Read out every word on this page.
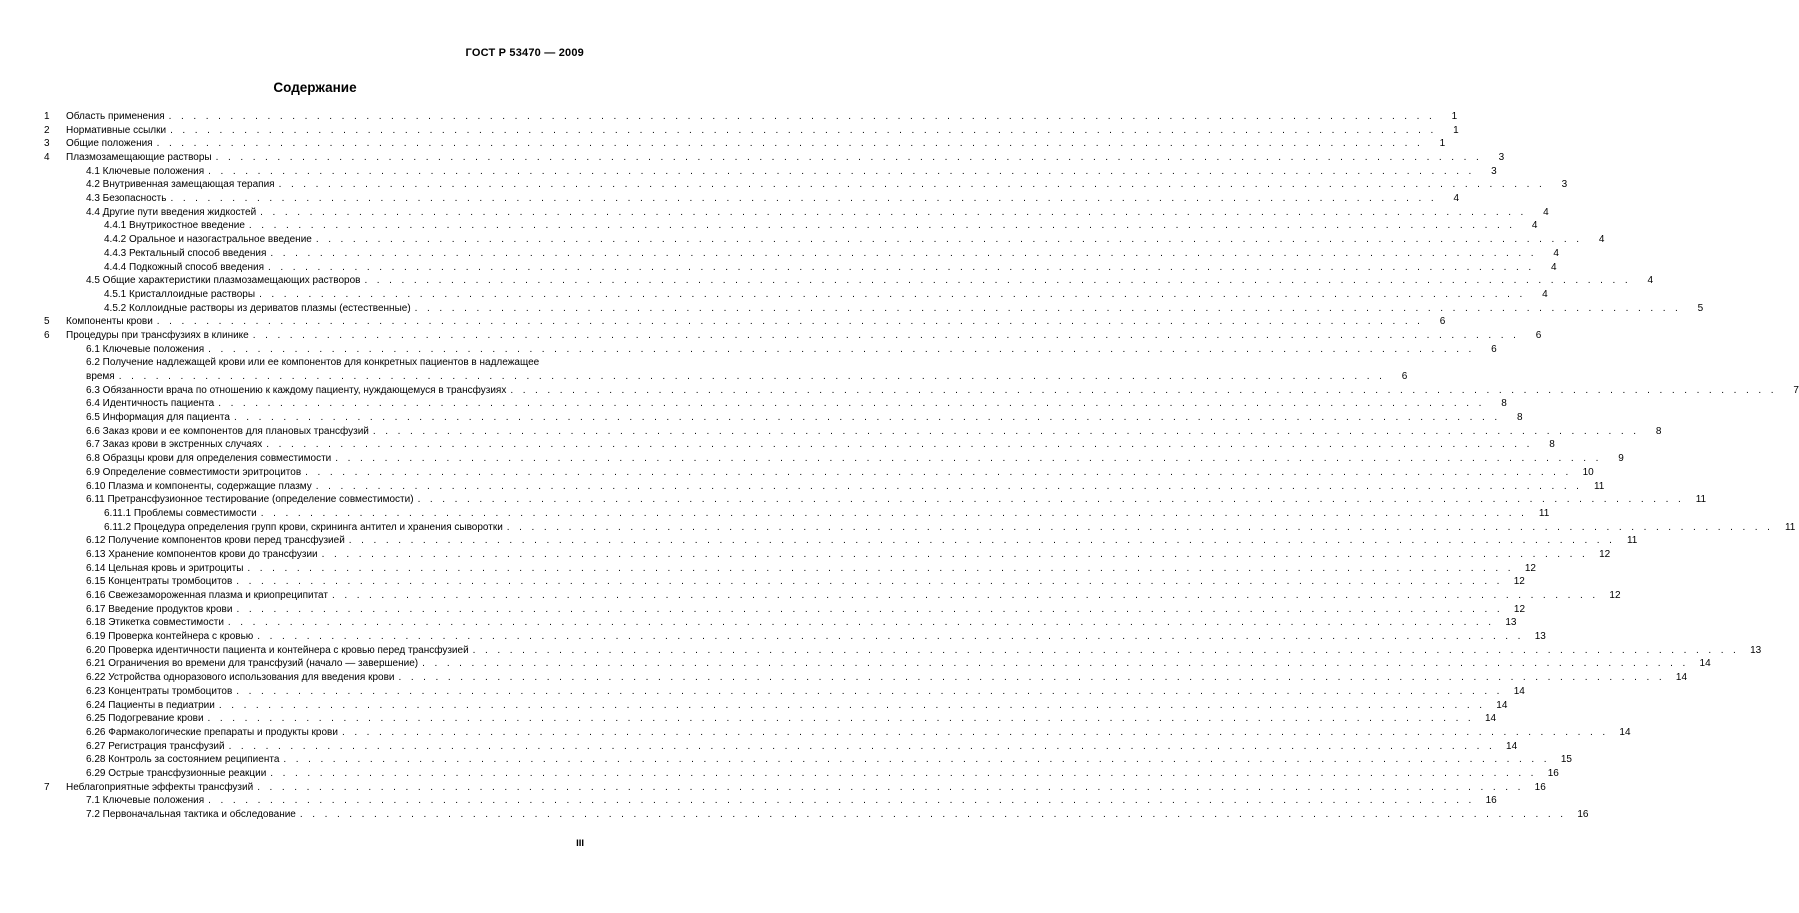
ГОСТ Р 53470 — 2009
Содержание
1	Область применения . . .	1
2	Нормативные ссылки . . .	1
3	Общие положения . . .	1
4	Плазмозамещающие растворы . . .	3
4.1 Ключевые положения . . .	3
4.2 Внутривенная замещающая терапия . . .	3
4.3 Безопасность . . .	4
4.4 Другие пути введения жидкостей . . .	4
4.4.1 Внутрикостное введение . . .	4
4.4.2 Оральное и назогастральное введение . . .	4
4.4.3 Ректальный способ введения . . .	4
4.4.4 Подкожный способ введения . . .	4
4.5 Общие характеристики плазмозамещающих растворов . . .	4
4.5.1 Кристаллоидные растворы . . .	4
4.5.2 Коллоидные растворы из дериватов плазмы (естественные) . . .	5
5	Компоненты крови . . .	6
6	Процедуры при трансфузиях в клинике . . .	6
6.1 Ключевые положения . . .	6
6.2 Получение надлежащей крови или ее компонентов для конкретных пациентов в надлежащее
время . . .	6
6.3 Обязанности врача по отношению к каждому пациенту, нуждающемуся в трансфузиях . . .	7
6.4 Идентичность пациента . . .	8
6.5 Информация для пациента . . .	8
6.6 Заказ крови и ее компонентов для плановых трансфузий . . .	8
6.7 Заказ крови в экстренных случаях . . .	8
6.8 Образцы крови для определения совместимости . . .	9
6.9 Определение совместимости эритроцитов . . .	10
6.10 Плазма и компоненты, содержащие плазму . . .	11
6.11 Претрансфузионное тестирование (определение совместимости) . . .	11
6.11.1 Проблемы совместимости . . .	11
6.11.2 Процедура определения групп крови, скрининга антител и хранения сыворотки . . .	11
6.12 Получение компонентов крови перед трансфузией . . .	11
6.13 Хранение компонентов крови до трансфузии . . .	12
6.14 Цельная кровь и эритроциты . . .	12
6.15 Концентраты тромбоцитов . . .	12
6.16 Свежезамороженная плазма и криопреципитат . . .	12
6.17 Введение продуктов крови . . .	12
6.18 Этикетка совместимости . . .	13
6.19 Проверка контейнера с кровью . . .	13
6.20 Проверка идентичности пациента и контейнера с кровью перед трансфузией . . .	13
6.21 Ограничения во времени для трансфузий (начало — завершение) . . .	14
6.22 Устройства одноразового использования для введения крови . . .	14
6.23 Концентраты тромбоцитов . . .	14
6.24 Пациенты в педиатрии . . .	14
6.25 Подогревание крови . . .	14
6.26 Фармакологические препараты и продукты крови . . .	14
6.27 Регистрация трансфузий . . .	14
6.28 Контроль за состоянием реципиента . . .	15
6.29 Острые трансфузионные реакции . . .	16
7	Неблагоприятные эффекты трансфузий . . .	16
7.1 Ключевые положения . . .	16
7.2 Первоначальная тактика и обследование . . .	16
III
